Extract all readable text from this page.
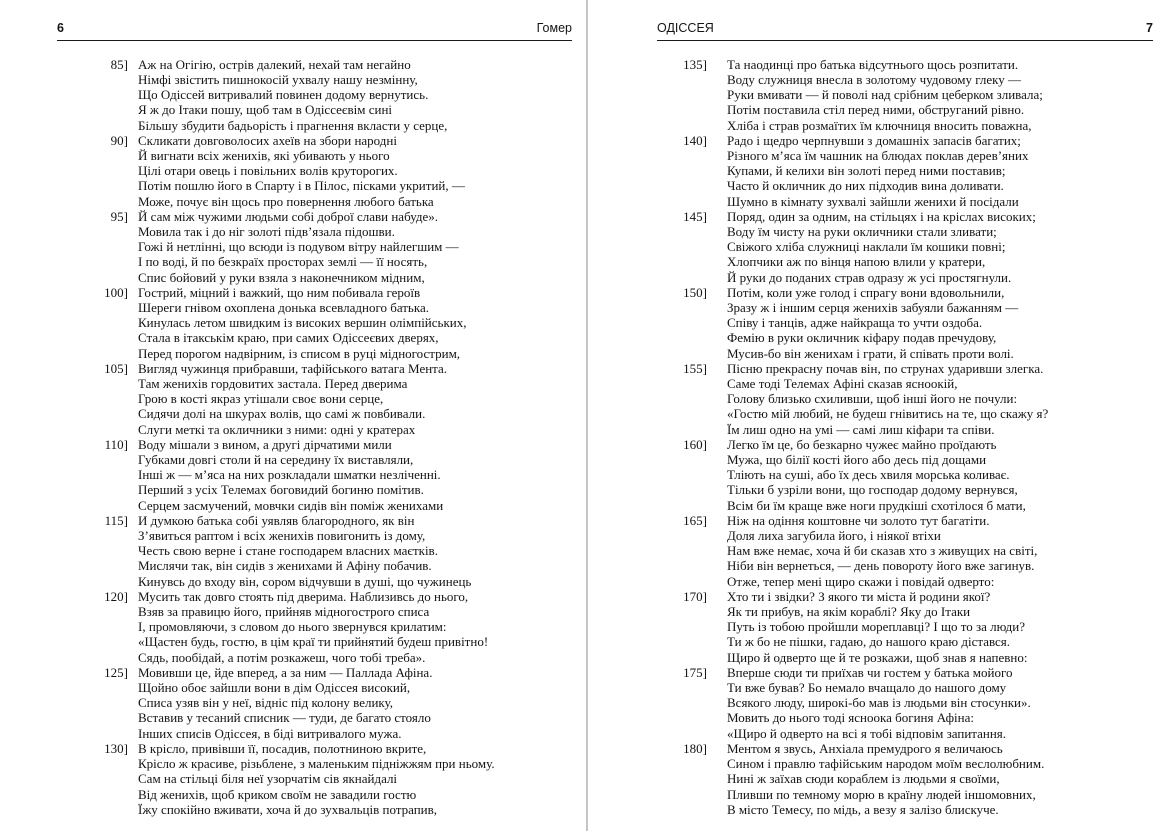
6	Гомер
85] Аж на Огігію, острів далекий, нехай там негайно
Німфі звістить пишнокосій ухвалу нашу незмінну,
Що Одіссей витривалий повинен додому вернутись.
Я ж до Ітаки пошу, щоб там в Одіссеєвім сині
Більшу збудити бадьорість і прагнення вкласти у серце,
90] Скликати довговолосих ахеїв на збори народні
Й вигнати всіх женихів, які убивають у нього
Цілі отари овець і повільних волів круторогих.
Потім пошлю його в Спарту і в Пілос, пісками укритий, —
Може, почує він щось про повернення любого батька
95] Й сам між чужими людьми собі доброї слави набуде».
Мовила так і до ніг золоті підв’язала підошви.
Гожі й нетлінні, що всюди із подувом вітру найлегшим —
І по воді, й по безкраїх просторах землі — її носять,
Спис бойовий у руки взяла з наконечником мідним,
100] Гострий, міцний і важкий, що ним побивала героїв
Шереги гнівом охоплена донька всевладного батька.
Кинулась летом швидким із високих вершин олімпійських,
Стала в ітакськім краю, при самих Одіссеєвих дверях,
Перед порогом надвірним, із списом в руці мідногострим,
105] Вигляд чужинця прибравши, тафійського ватага Мента.
Там женихів гордовитих застала. Перед дверима
Грою в кості якраз утішали своє вони серце,
Сидячи долі на шкурах волів, що самі ж повбивали.
Слуги меткі та окличники з ними: одні у кратерах
110] Воду мішали з вином, а другі дірчатими мили
Губками довгі столи й на середину їх виставляли,
Інші ж — м’яса на них розкладали шматки незліченні.
Перший з усіх Телемах боговидий богиню помітив.
Серцем засмучений, мовчки сидів він поміж женихами
115] И думкою батька собі уявляв благородного, як він
З’явиться раптом і всіх женихів повигонить із дому,
Честь свою верне і стане господарем власних маєтків.
Мислячи так, він сидів з женихами й Афіну побачив.
Кинувсь до входу він, сором відчувши в душі, що чужинець
120] Мусить так довго стоять під дверима. Наблизивсь до нього,
Взяв за правицю його, прийняв мідногострого списа
І, промовляючи, з словом до нього звернувся крилатим:
«Щастен будь, гостю, в цім краї ти прийнятий будеш привітно!
Сядь, пообідай, а потім розкажеш, чого тобі треба».
125] Мовивши це, йде вперед, а за ним — Паллада Афіна.
Щойно обоє зайшли вони в дім Одіссея високий,
Списа узяв він у неї, відніс під колону велику,
Вставив у тесаний списник — туди, де багато стояло
Інших списів Одіссея, в біді витривалого мужа.
130] В крісло, привівши її, посадив, полотниною вкрите,
Крісло ж красиве, різьблене, з маленьким підніжжям при ньому.
Сам на стільці біля неї узорчатім сів якнайдалі
Від женихів, щоб криком своїм не завадили гостю
Їжу спокійно вживати, хоча й до зухвальців потрапив,
ОДІССЕЯ	7
135] Та наодинці про батька відсутнього щось розпитати.
Воду служниця внесла в золотому чудовому глеку —
Руки вмивати — й поволі над срібним цеберком зливала;
Потім поставила стіл перед ними, обструганий рівно.
Хліба і страв розмаїтих їм ключниця вносить поважна,
140] Радо і щедро черпнувши з домашніх запасів багатих;
Різного м’яса їм чашник на блюдах поклав дерев’яних
Купами, й келихи він золоті перед ними поставив;
Часто й окличник до них підходив вина доливати.
Шумно в кімнату зухвалі зайшли женихи й посідали
145] Поряд, один за одним, на стільцях і на кріслах високих;
Воду їм чисту на руки окличники стали зливати;
Свіжого хліба служниці наклали їм кошики повні;
Хлопчики аж по вінця напою влили у кратери,
Й руки до поданих страв одразу ж усі простягнули.
150] Потім, коли уже голод і спрагу вони вдовольнили,
Зразу ж і іншим серця женихів забуяли бажанням —
Співу і танців, адже найкраща то учти оздоба.
Фемію в руки окличник кіфару подав пречудову,
Мусив-бо він женихам і грати, й співать проти волі.
155] Пісню прекрасну почав він, по струнах ударивши злегка.
Саме тоді Телемах Афіні сказав ясноокій,
Голову близько схиливши, щоб інші його не почули:
«Гостю мій любий, не будеш гнівитись на те, що скажу я?
Їм лиш одно на умі — самі лиш кіфари та співи.
160] Легко їм це, бо безкарно чужеє майно проїдають
Мужа, що білії кості його або десь під дощами
Тліють на суші, або їх десь хвиля морська коливає.
Тільки б узріли вони, що господар додому вернувся,
Всім би їм краще вже ноги прудкіші схотілося б мати,
165] Ніж на одіння коштовне чи золото тут багатіти.
Доля лиха загубила його, і ніякої втіхи
Нам вже немає, хоча й би сказав хто з живущих на світі,
Ніби він вернеться, — день повороту його вже загинув.
Отже, тепер мені щиро скажи і повідай одверто:
170] Хто ти і звідки? З якого ти міста й родини якої?
Як ти прибув, на якім кораблі? Яку до Ітаки
Путь із тобою пройшли мореплавці? І що то за люди?
Ти ж бо не пішки, гадаю, до нашого краю дістався.
Щиро й одверто ще й те розкажи, щоб знав я напевно:
175] Вперше сюди ти приїхав чи гостем у батька мойого
Ти вже бував? Бо немало вчащало до нашого дому
Всякого люду, широкі-бо мав із людьми він стосунки».
Мовить до нього тоді ясноока богиня Афіна:
«Щиро й одверто на всі я тобі відповім запитання.
180] Ментом я звусь, Анхіала премудрого я величаюсь
Сином і правлю тафійським народом моїм веслолюбним.
Нині ж заїхав сюди кораблем із людьми я своїми,
Пливши по темному морю в країну людей іншомовних,
В місто Темесу, по мідь, а везу я залізо блискуче.
